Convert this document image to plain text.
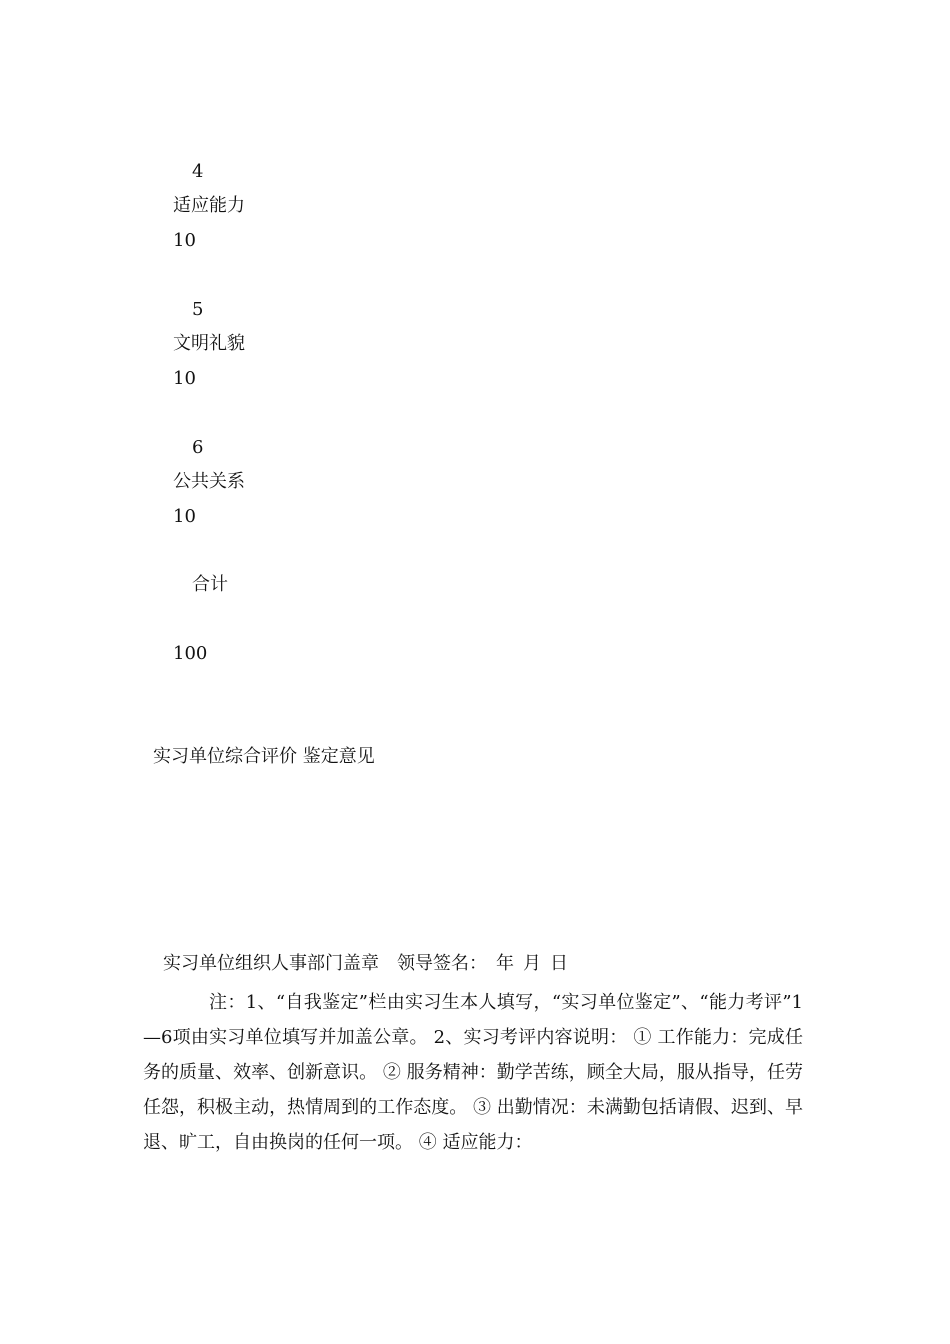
4
适应能力
10
5
文明礼貌
10
6
公共关系
10
合计
100
实习单位综合评价 鉴定意见
实习单位组织人事部门盖章　领导签名：　年 月 日

注：1、“自我鉴定”栏由实习生本人填写，“实习单位鉴定”、“能力考评”1—6项由实习单位填写并加盖公章。 2、实习考评内容说明： ① 工作能力：完成任务的质量、效率、创新意识。 ② 服务精神：勤学苦练，顾全大局，服从指导，任劳任怨，积极主动，热情周到的工作态度。 ③ 出勤情况：未满勤包括请假、迟到、早退、旷工，自由换岗的任何一项。 ④ 适应能力：
